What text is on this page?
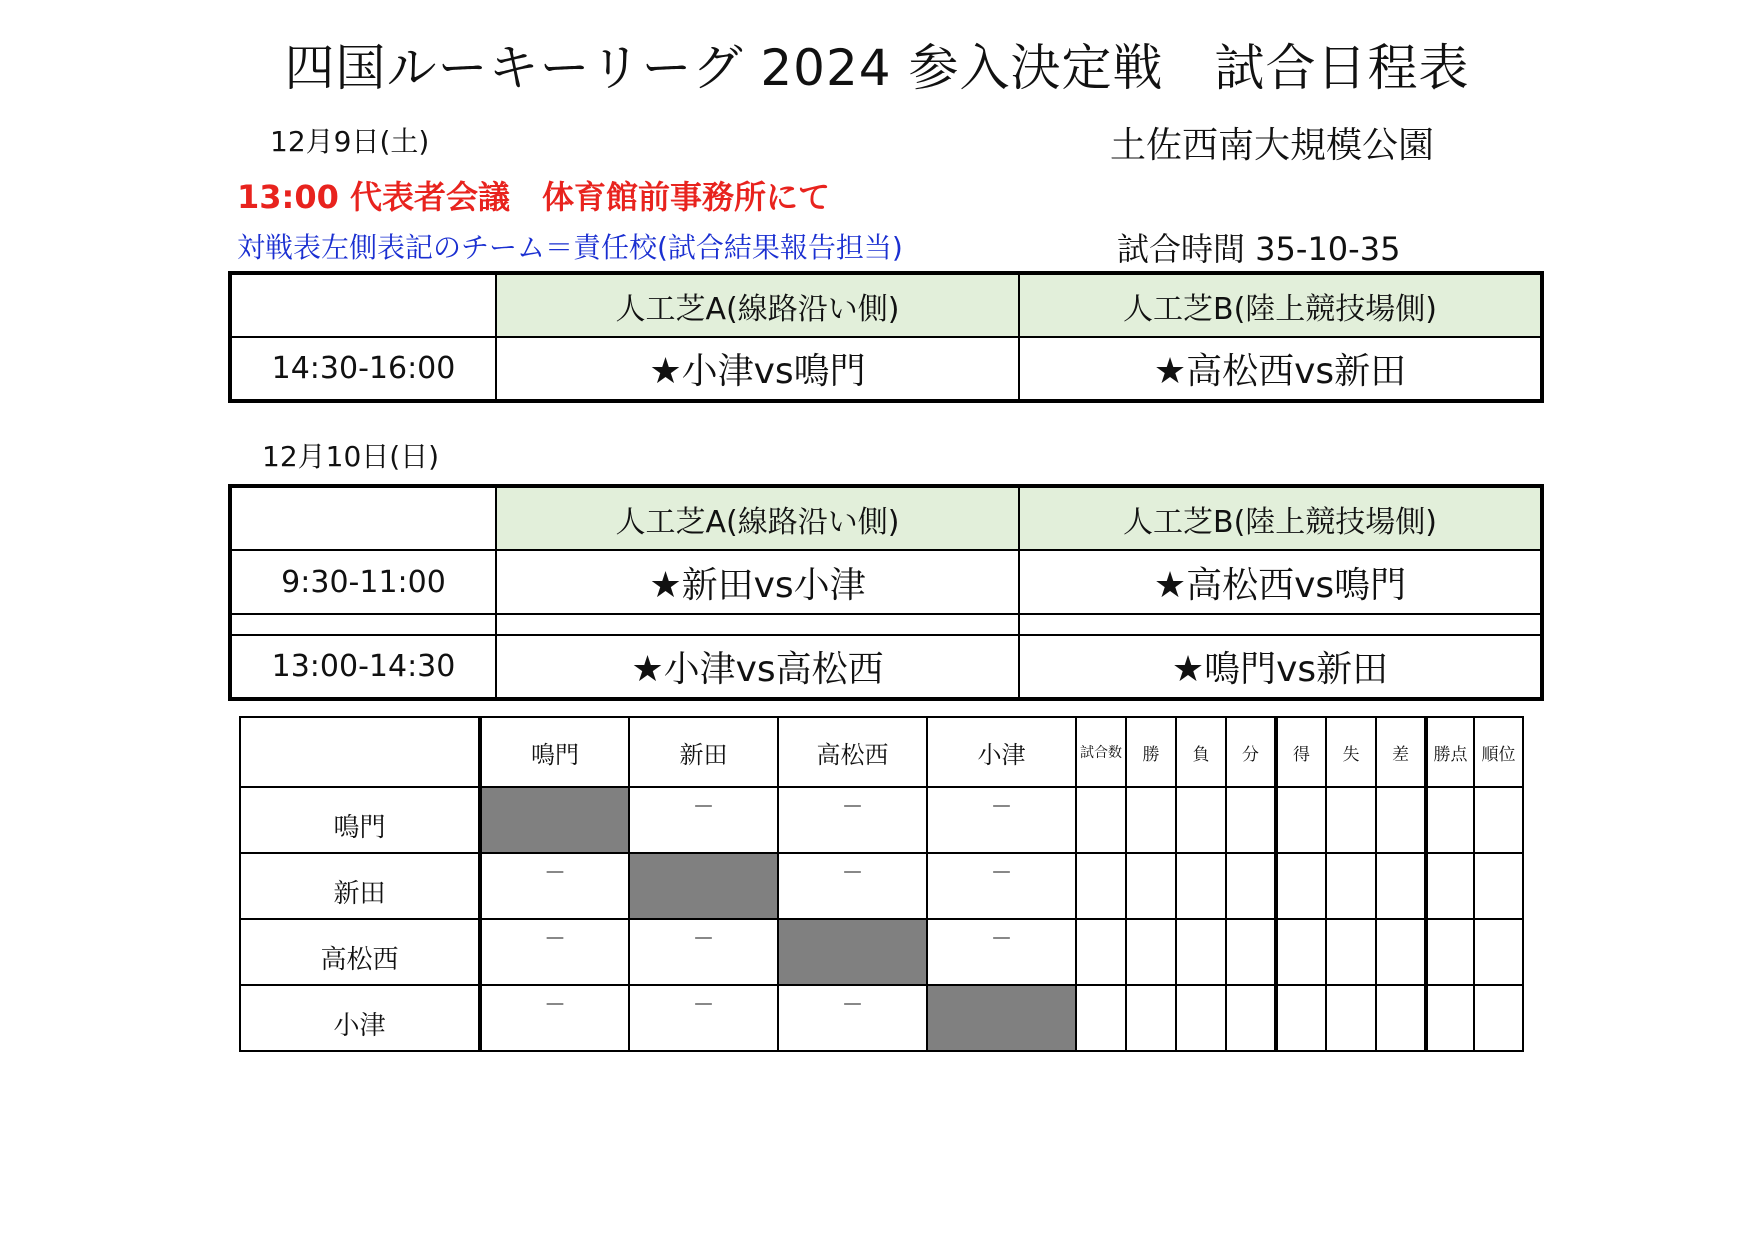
四国ルーキーリーグ 2024 参入決定戦　試合日程表
12月9日(土)	土佐西南大規模公園
13:00 代表者会議　体育館前事務所にて
対戦表左側表記のチーム＝責任校(試合結果報告担当)	試合時間 35-10-35
	人工芝A(線路沿い側)	人工芝B(陸上競技場側)
14:30-16:00	★小津vs鳴門	★高松西vs新田
12月10日(日)
	人工芝A(線路沿い側)	人工芝B(陸上競技場側)
9:30-11:00	★新田vs小津	★高松西vs鳴門

13:00-14:30	★小津vs高松西	★鳴門vs新田
	鳴門	新田	高松西	小津	試合数	勝	負	分	得	失	差	勝点	順位
鳴門		－	－	－									
新田	－		－	－									
高松西	－	－		－									
小津	－	－	－										
